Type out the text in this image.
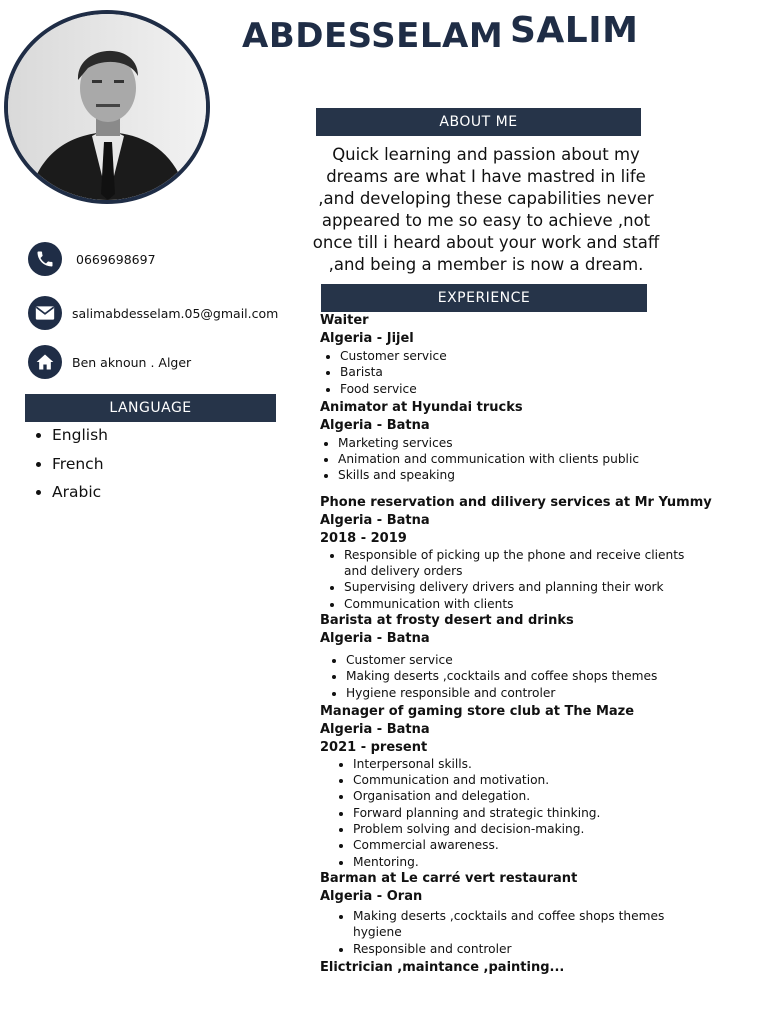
ABDESSELAM SALIM
0669698697
salimabdesselam.05@gmail.com
Ben aknoun . Alger
LANGUAGE
• English
• French
• Arabic
ABOUT ME
Quick learning and passion about my
dreams are what I have mastred in life
,and developing these capabilities never
appeared to me so easy to achieve ,not
once till i heard about your work and staff
,and being a member is now a dream.
EXPERIENCE
Waiter
Algeria - Jijel
• Customer service
• Barista
• Food service
Animator at Hyundai trucks
Algeria - Batna
• Marketing services
• Animation and communication with clients public
• Skills and speaking
Phone reservation and dilivery services at Mr Yummy
Algeria - Batna
2018 - 2019
• Responsible of picking up the phone and receive clients and delivery orders
• Supervising delivery drivers and planning their work
• Communication with clients
Barista at frosty desert and drinks
Algeria - Batna
• Customer service
• Making deserts ,cocktails and coffee shops themes
• Hygiene responsible and controler
Manager of gaming store club at The Maze
Algeria - Batna
2021 - present
• Interpersonal skills.
• Communication and motivation.
• Organisation and delegation.
• Forward planning and strategic thinking.
• Problem solving and decision-making.
• Commercial awareness.
• Mentoring.
Barman at Le carré vert restaurant
Algeria - Oran
• Making deserts ,cocktails and coffee shops themes hygiene
• Responsible and controler
Elictrician ,maintance ,painting...
